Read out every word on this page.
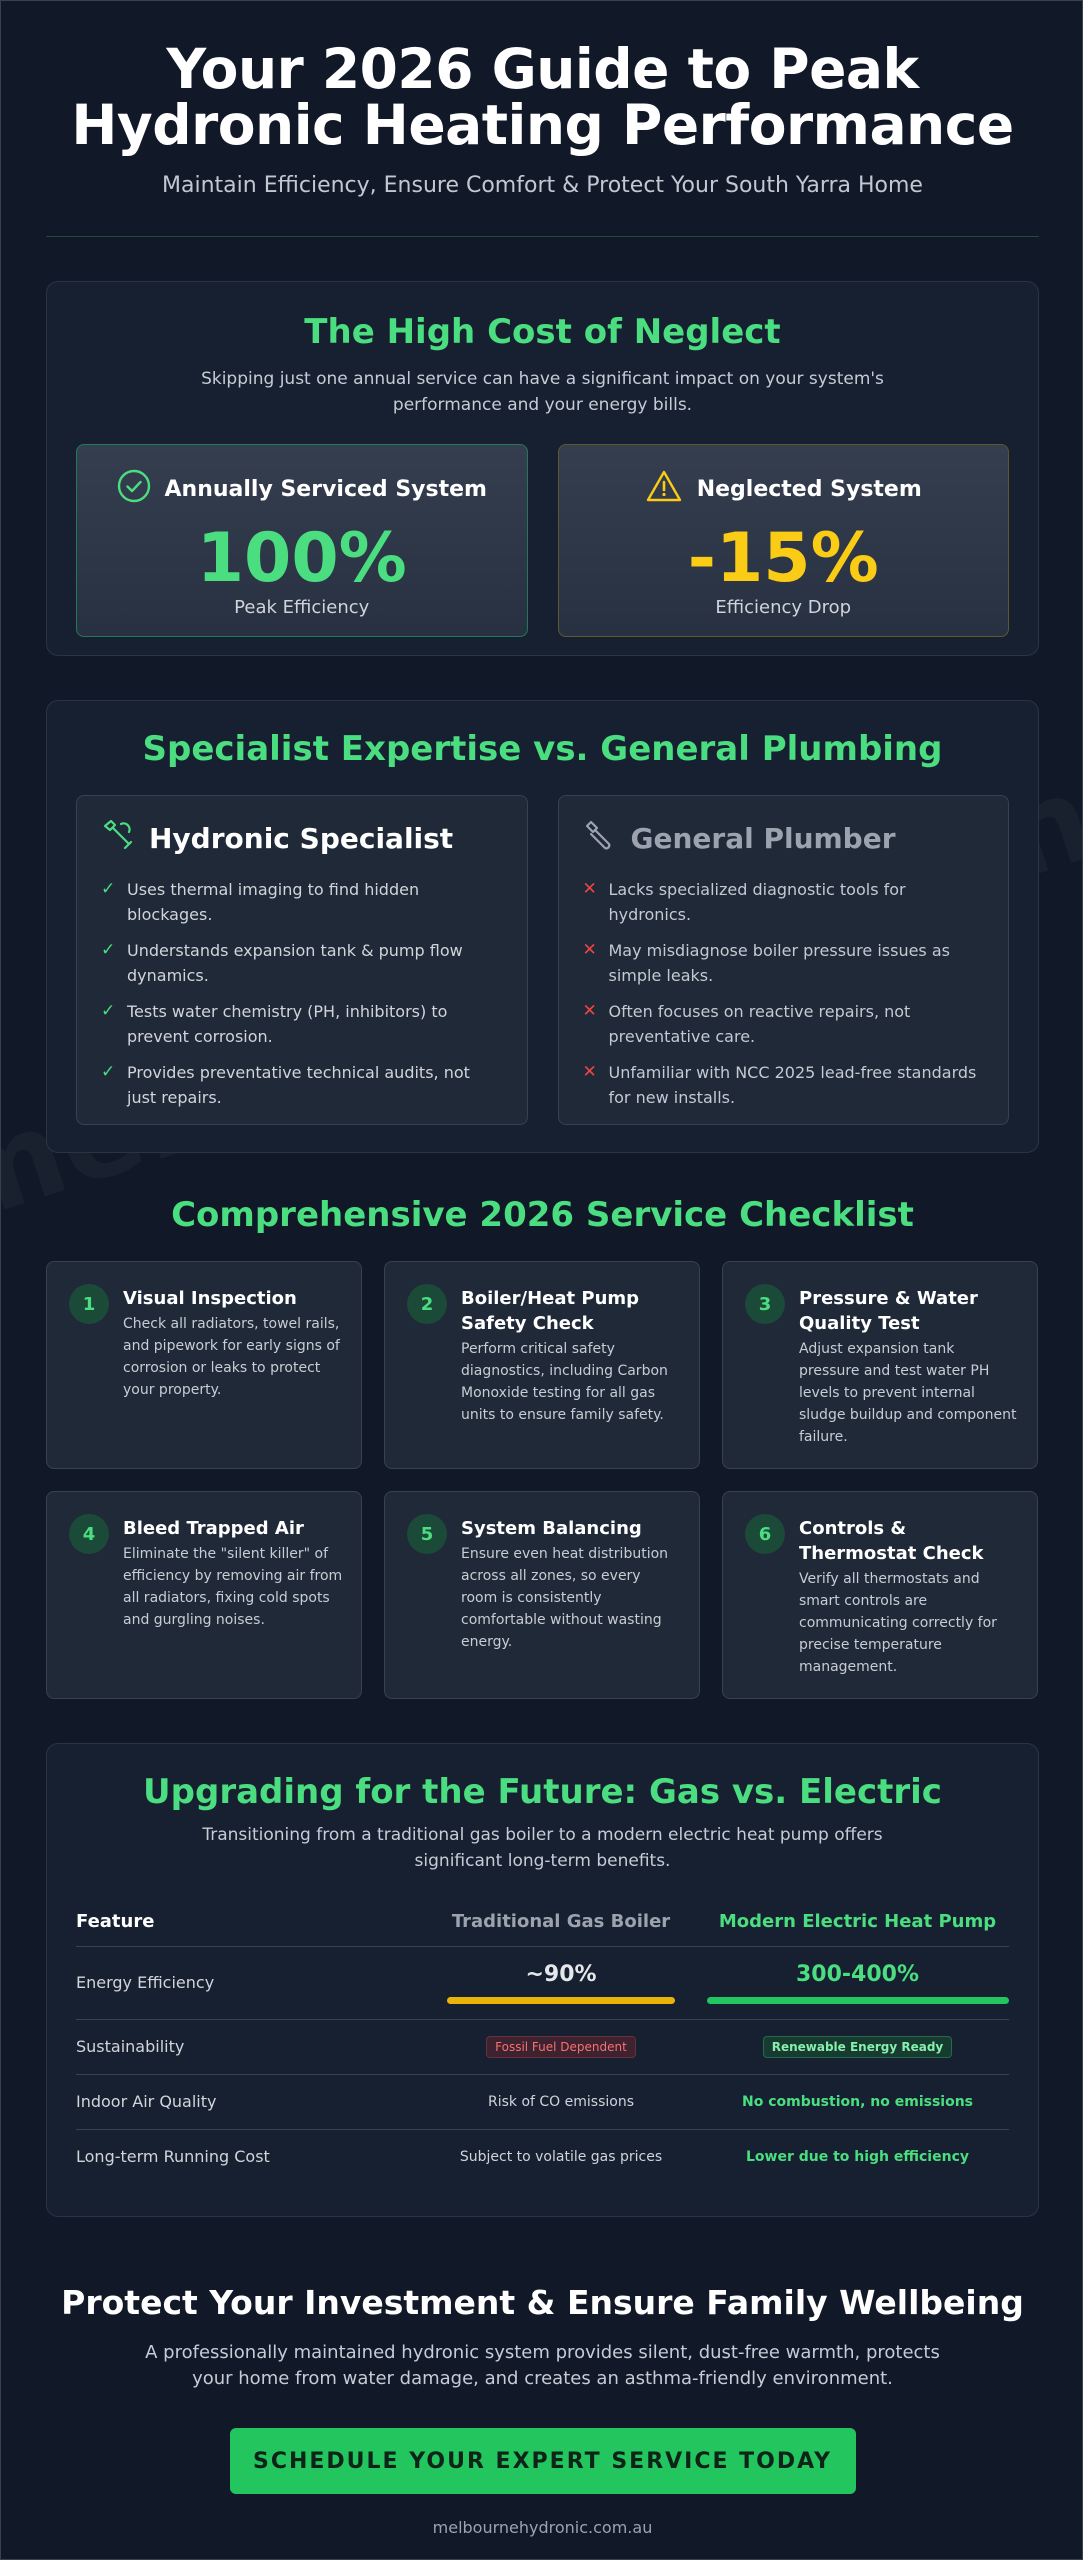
Your 2026 Guide to Peak Hydronic Heating Performance
Maintain Efficiency, Ensure Comfort & Protect Your South Yarra Home
The High Cost of Neglect

Skipping just one annual service can have a significant impact on your system's performance and your energy bills.

Annually Serviced System
100%
Peak Efficiency
Neglected System
-15%
Efficiency Drop
Specialist Expertise vs. General Plumbing
Hydronic Specialist
✓ Uses thermal imaging to find hidden blockages.
✓ Understands expansion tank & pump flow dynamics.
✓ Tests water chemistry (PH, inhibitors) to prevent corrosion.
✓ Provides preventative technical audits, not just repairs.
General Plumber
✕ Lacks specialized diagnostic tools for hydronics.
✕ May misdiagnose boiler pressure issues as simple leaks.
✕ Often focuses on reactive repairs, not preventative care.
✕ Unfamiliar with NCC 2025 lead-free standards for new installs.
Comprehensive 2026 Service Checklist
1	Visual Inspection

Check all radiators, towel rails, and pipework for early signs of corrosion or leaks to protect your property.

2	Boiler/Heat Pump Safety Check

Perform critical safety diagnostics, including Carbon Monoxide testing for all gas units to ensure family safety.

3	Pressure & Water Quality Test

Adjust expansion tank pressure and test water PH levels to prevent internal sludge buildup and component failure.

4	Bleed Trapped Air

Eliminate the "silent killer" of efficiency by removing air from all radiators, fixing cold spots and gurgling noises.

5	System Balancing

Ensure even heat distribution across all zones, so every room is consistently comfortable without wasting energy.

6	Controls & Thermostat Check

Verify all thermostats and smart controls are communicating correctly for precise temperature management.

Upgrading for the Future: Gas vs. Electric

Transitioning from a traditional gas boiler to a modern electric heat pump offers significant long-term benefits.

Feature	Traditional Gas Boiler	Modern Electric Heat Pump
Energy Efficiency	~90%	300-400%

Sustainability	Fossil Fuel Dependent	Renewable Energy Ready
Indoor Air Quality	Risk of CO emissions	No combustion, no emissions
Long-term Running Cost	Subject to volatile gas prices	Lower due to high efficiency
Protect Your Investment & Ensure Family Wellbeing

A professionally maintained hydronic system provides silent, dust-free warmth, protects your home from water damage, and creates an asthma-friendly environment.

SCHEDULE YOUR EXPERT SERVICE TODAY
melbournehydronic.com.au
